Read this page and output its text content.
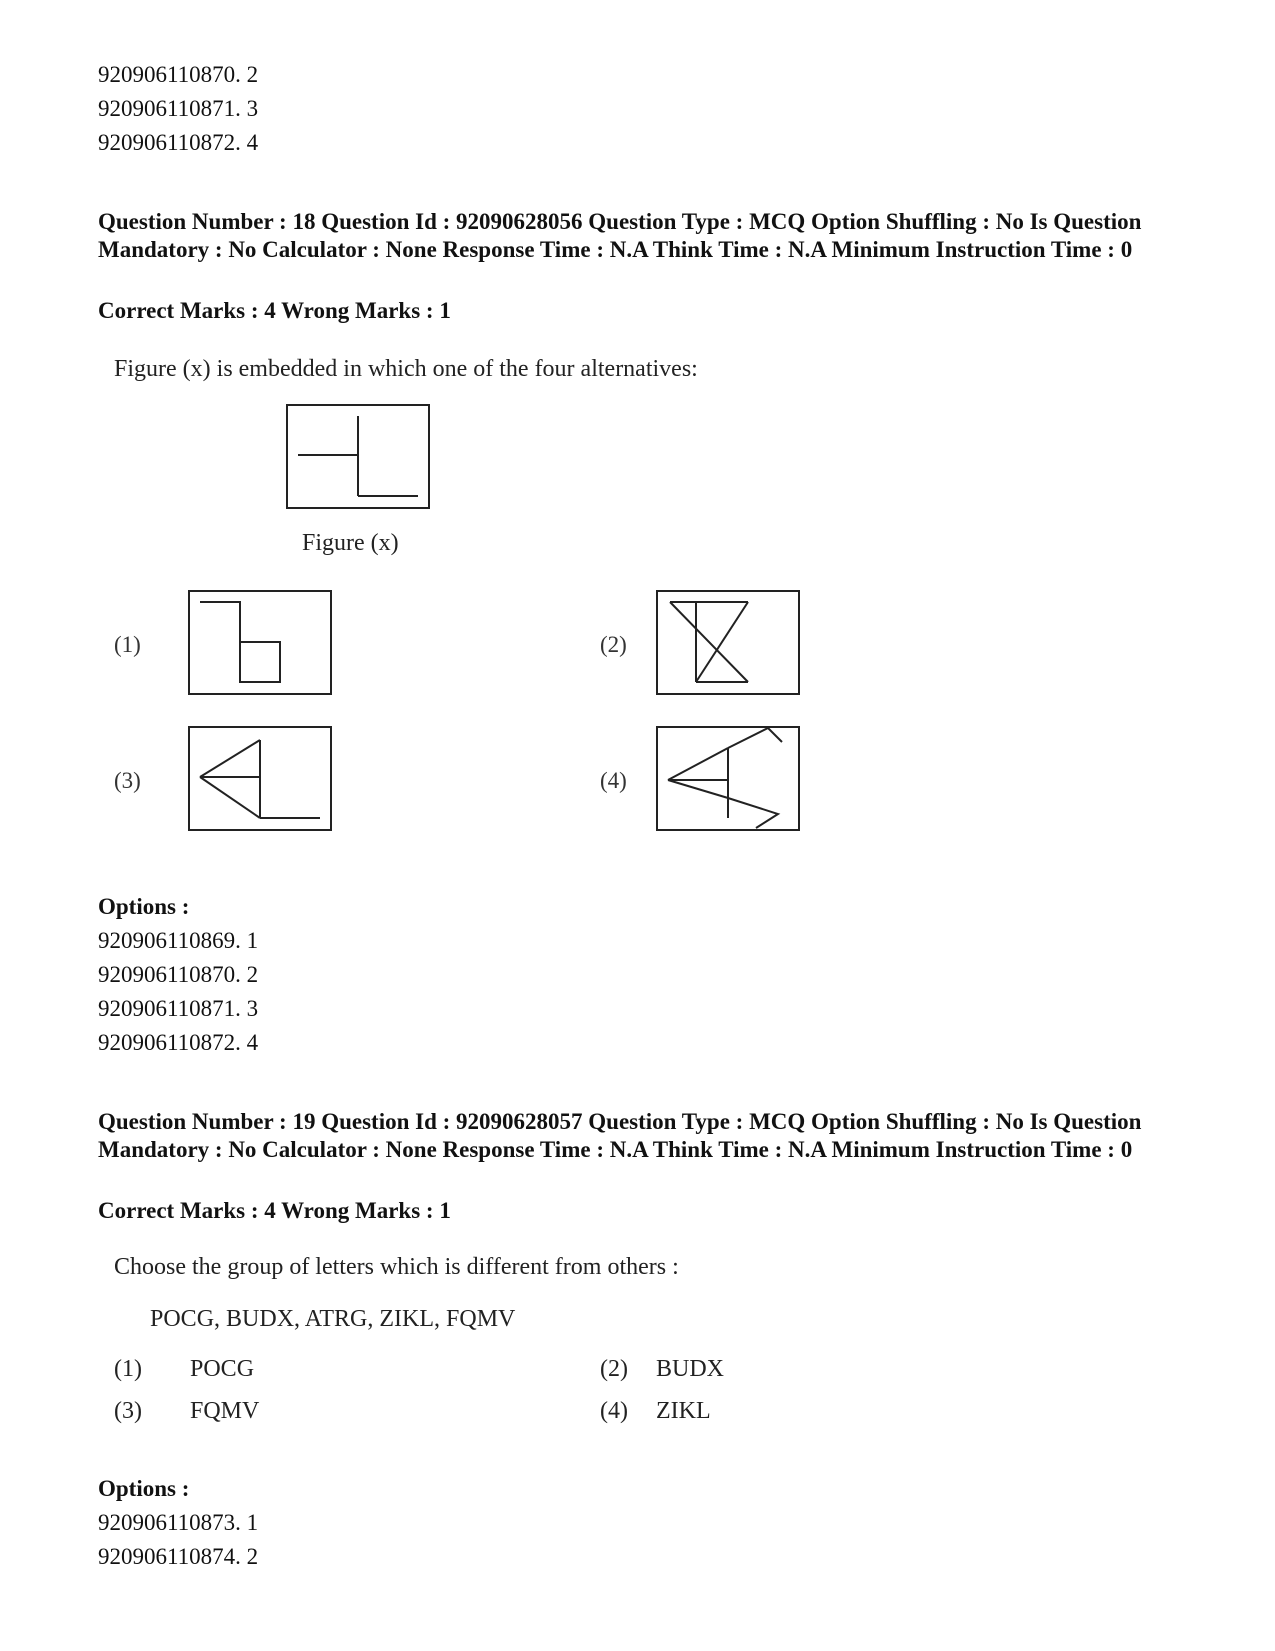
920906110870. 2
920906110871. 3
920906110872. 4
Question Number : 18 Question Id : 92090628056 Question Type : MCQ Option Shuffling : No Is Question Mandatory : No Calculator : None Response Time : N.A Think Time : N.A Minimum Instruction Time : 0
Correct Marks : 4 Wrong Marks : 1
Figure (x) is embedded in which one of the four alternatives:
Figure (x)
(1)	(2)
(3)	(4)
Options :
920906110869. 1
920906110870. 2
920906110871. 3
920906110872. 4
Question Number : 19 Question Id : 92090628057 Question Type : MCQ Option Shuffling : No Is Question Mandatory : No Calculator : None Response Time : N.A Think Time : N.A Minimum Instruction Time : 0
Correct Marks : 4 Wrong Marks : 1
Choose the group of letters which is different from others :
POCG, BUDX, ATRG, ZIKL, FQMV
(1) POCG	(2) BUDX
(3) FQMV	(4) ZIKL
Options :
920906110873. 1
920906110874. 2
